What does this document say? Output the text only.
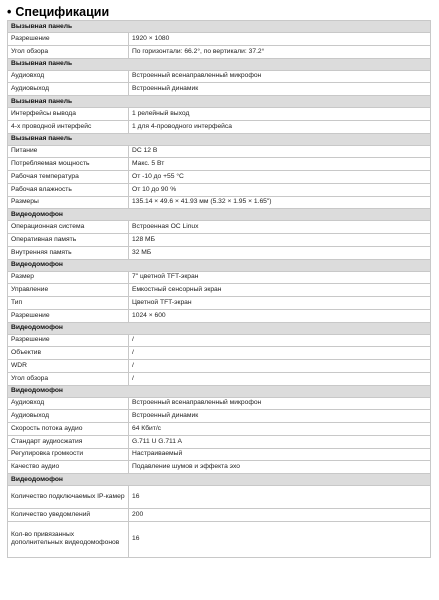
• Спецификации
Вызывная панель	
Разрешение	1920 × 1080
Угол обзора	По горизонтали: 66.2°, по вертикали: 37.2°
Вызывная панель	
Аудиовход	Встроенный всенаправленный микрофон
Аудиовыход	Встроенный динамик
Вызывная панель	
Интерфейсы вывода	1 релейный выход
4-х проводной интерфейс	1 для 4-проводного интерфейса
Вызывная панель	
Питание	DC 12 В
Потребляемая мощность	Макс. 5 Вт
Рабочая температура	От -10 до +55 °C
Рабочая влажность	От 10 до 90 %
Размеры	135.14 × 49.6 × 41.93 мм (5.32 × 1.95 × 1.65")
Видеодомофон	
Операционная система	Встроенная ОС Linux
Оперативная память	128 МБ
Внутренняя память	32 МБ
Видеодомофон	
Размер	7" цветной TFT-экран
Управление	Емкостный сенсорный экран
Тип	Цветной TFT-экран
Разрешение	1024 × 600
Видеодомофон	
Разрешение	/
Объектив	/
WDR	/
Угол обзора	/
Видеодомофон	
Аудиовход	Встроенный всенаправленный микрофон
Аудиовыход	Встроенный динамик
Скорость потока аудио	64 Кбит/с
Стандарт аудиосжатия	G.711 U G.711 A
Регулировка громкости	Настраиваемый
Качество аудио	Подавление шумов и эффекта эхо
Видеодомофон	
Количество подключаемых IP-камер	16
Количество уведомлений	200
Кол-во привязанных дополнительных видеодомофонов	16
